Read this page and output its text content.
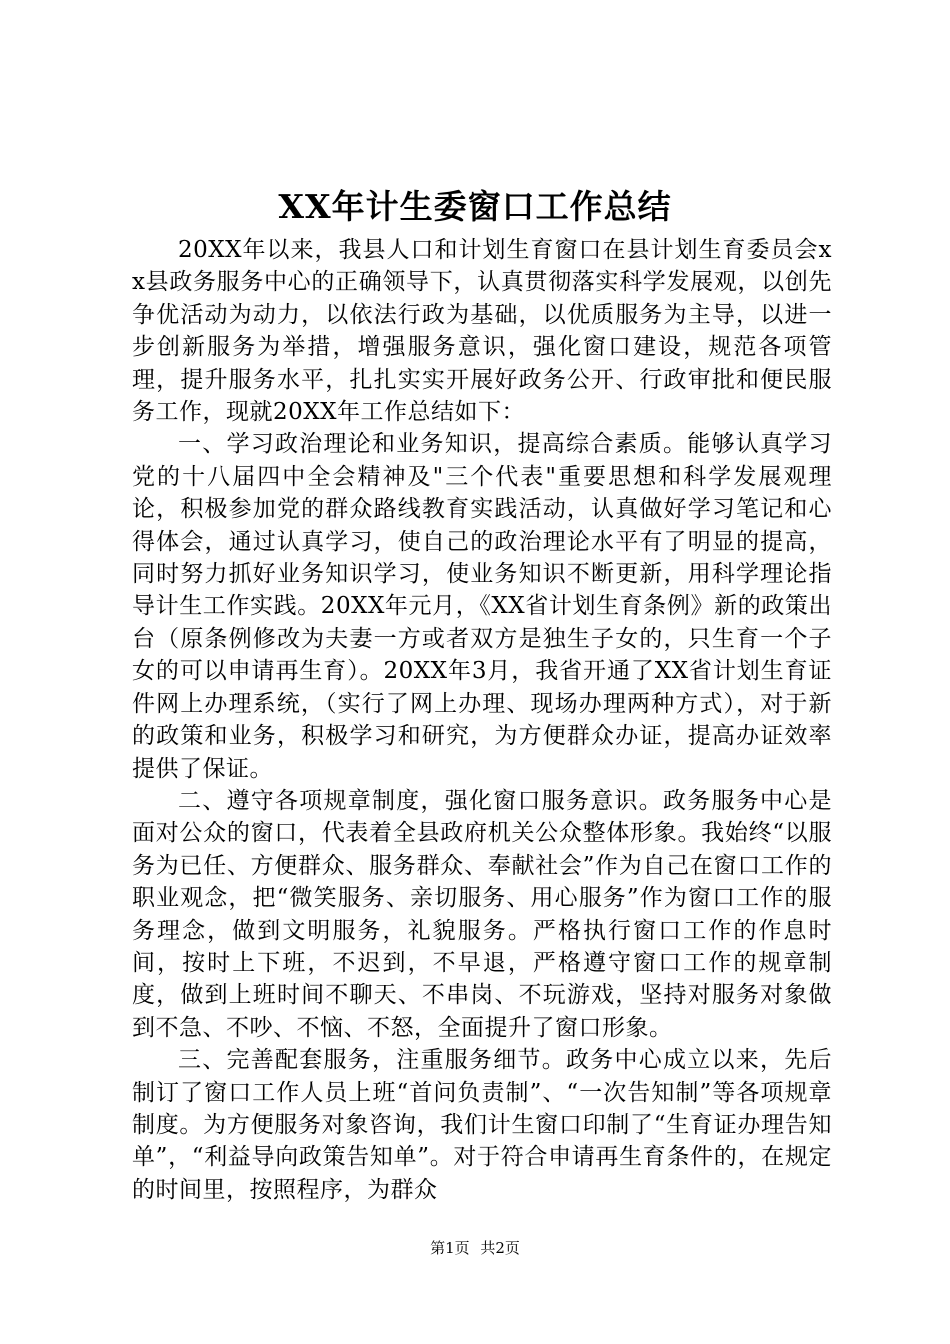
XX年计生委窗口工作总结

20XX年以来，我县人口和计划生育窗口在县计划生育委员会xx县政务服务中心的正确领导下，认真贯彻落实科学发展观，以创先争优活动为动力，以依法行政为基础，以优质服务为主导，以进一步创新服务为举措，增强服务意识，强化窗口建设，规范各项管理，提升服务水平，扎扎实实开展好政务公开、行政审批和便民服务工作，现就20XX年工作总结如下：

一、学习政治理论和业务知识，提高综合素质。能够认真学习党的十八届四中全会精神及"三个代表"重要思想和科学发展观理论，积极参加党的群众路线教育实践活动，认真做好学习笔记和心得体会，通过认真学习，使自己的政治理论水平有了明显的提高，同时努力抓好业务知识学习，使业务知识不断更新，用科学理论指导计生工作实践。20XX年元月，《XX省计划生育条例》新的政策出台（原条例修改为夫妻一方或者双方是独生子女的，只生育一个子女的可以申请再生育）。20XX年3月，我省开通了XX省计划生育证件网上办理系统，（实行了网上办理、现场办理两种方式），对于新的政策和业务，积极学习和研究，为方便群众办证，提高办证效率提供了保证。

二、遵守各项规章制度，强化窗口服务意识。政务服务中心是面对公众的窗口，代表着全县政府机关公众整体形象。我始终“以服务为已任、方便群众、服务群众、奉献社会”作为自己在窗口工作的职业观念，把“微笑服务、亲切服务、用心服务”作为窗口工作的服务理念，做到文明服务，礼貌服务。严格执行窗口工作的作息时间，按时上下班，不迟到，不早退，严格遵守窗口工作的规章制度，做到上班时间不聊天、不串岗、不玩游戏，坚持对服务对象做到不急、不吵、不恼、不怒，全面提升了窗口形象。

三、完善配套服务，注重服务细节。政务中心成立以来，先后制订了窗口工作人员上班“首问负责制”、“一次告知制”等各项规章制度。为方便服务对象咨询，我们计生窗口印制了“生育证办理告知单”，“利益导向政策告知单”。对于符合申请再生育条件的，在规定的时间里，按照程序，为群众

第1页 共2页
